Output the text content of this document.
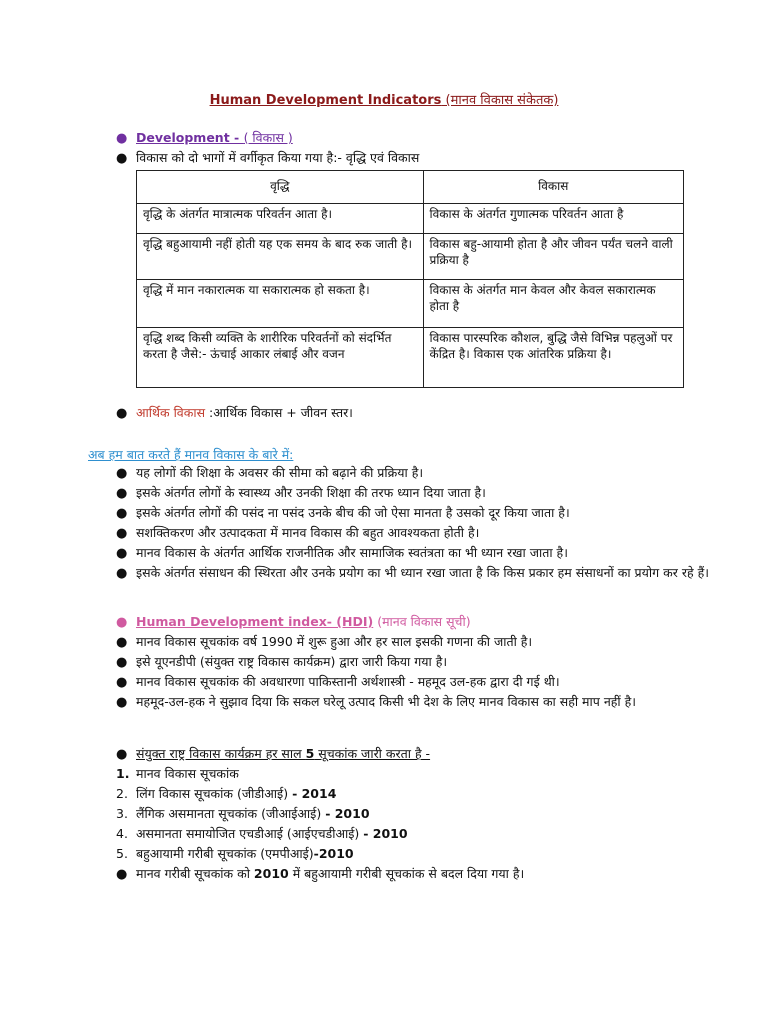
Human Development Indicators (मानव विकास संकेतक)
● Development - ( विकास )
● विकास को दो भागों में वर्गीकृत किया गया है:- वृद्धि एवं विकास
वृद्धि	विकास
वृद्धि के अंतर्गत मात्रात्मक परिवर्तन आता है।	विकास के अंतर्गत गुणात्मक परिवर्तन आता है
वृद्धि बहुआयामी नहीं होती यह एक समय के बाद रुक जाती है।	विकास बहु-आयामी होता है और जीवन पर्यंत चलने वाली प्रक्रिया है
वृद्धि में मान नकारात्मक या सकारात्मक हो सकता है।	विकास के अंतर्गत मान केवल और केवल सकारात्मक होता है
वृद्धि शब्द किसी व्यक्ति के शारीरिक परिवर्तनों को संदर्भित करता है जैसे:- ऊंचाई आकार लंबाई और वजन	विकास पारस्परिक कौशल, बुद्धि जैसे विभिन्न पहलुओं पर केंद्रित है। विकास एक आंतरिक प्रक्रिया है।
● आर्थिक विकास :आर्थिक विकास + जीवन स्तर।
अब हम बात करते हैं मानव विकास के बारे में:
● यह लोगों की शिक्षा के अवसर की सीमा को बढ़ाने की प्रक्रिया है।
● इसके अंतर्गत लोगों के स्वास्थ्य और उनकी शिक्षा की तरफ ध्यान दिया जाता है।
● इसके अंतर्गत लोगों की पसंद ना पसंद उनके बीच की जो ऐसा मानता है उसको दूर किया जाता है।
● सशक्तिकरण और उत्पादकता में मानव विकास की बहुत आवश्यकता होती है।
● मानव विकास के अंतर्गत आर्थिक राजनीतिक और सामाजिक स्वतंत्रता का भी ध्यान रखा जाता है।
● इसके अंतर्गत संसाधन की स्थिरता और उनके प्रयोग का भी ध्यान रखा जाता है कि किस प्रकार हम संसाधनों का प्रयोग कर रहे हैं।
● Human Development index- (HDI) (मानव विकास सूची)
● मानव विकास सूचकांक वर्ष 1990 में शुरू हुआ और हर साल इसकी गणना की जाती है।
● इसे यूएनडीपी (संयुक्त राष्ट्र विकास कार्यक्रम) द्वारा जारी किया गया है।
● मानव विकास सूचकांक की अवधारणा पाकिस्तानी अर्थशास्त्री - महमूद उल-हक द्वारा दी गई थी।
● महमूद-उल-हक ने सुझाव दिया कि सकल घरेलू उत्पाद किसी भी देश के लिए मानव विकास का सही माप नहीं है।
● संयुक्त राष्ट्र विकास कार्यक्रम हर साल 5 सूचकांक जारी करता है -
1. मानव विकास सूचकांक
2. लिंग विकास सूचकांक (जीडीआई) - 2014
3. लैंगिक असमानता सूचकांक (जीआईआई) - 2010
4. असमानता समायोजित एचडीआई (आईएचडीआई) - 2010
5. बहुआयामी गरीबी सूचकांक (एमपीआई)-2010
● मानव गरीबी सूचकांक को 2010 में बहुआयामी गरीबी सूचकांक से बदल दिया गया है।
